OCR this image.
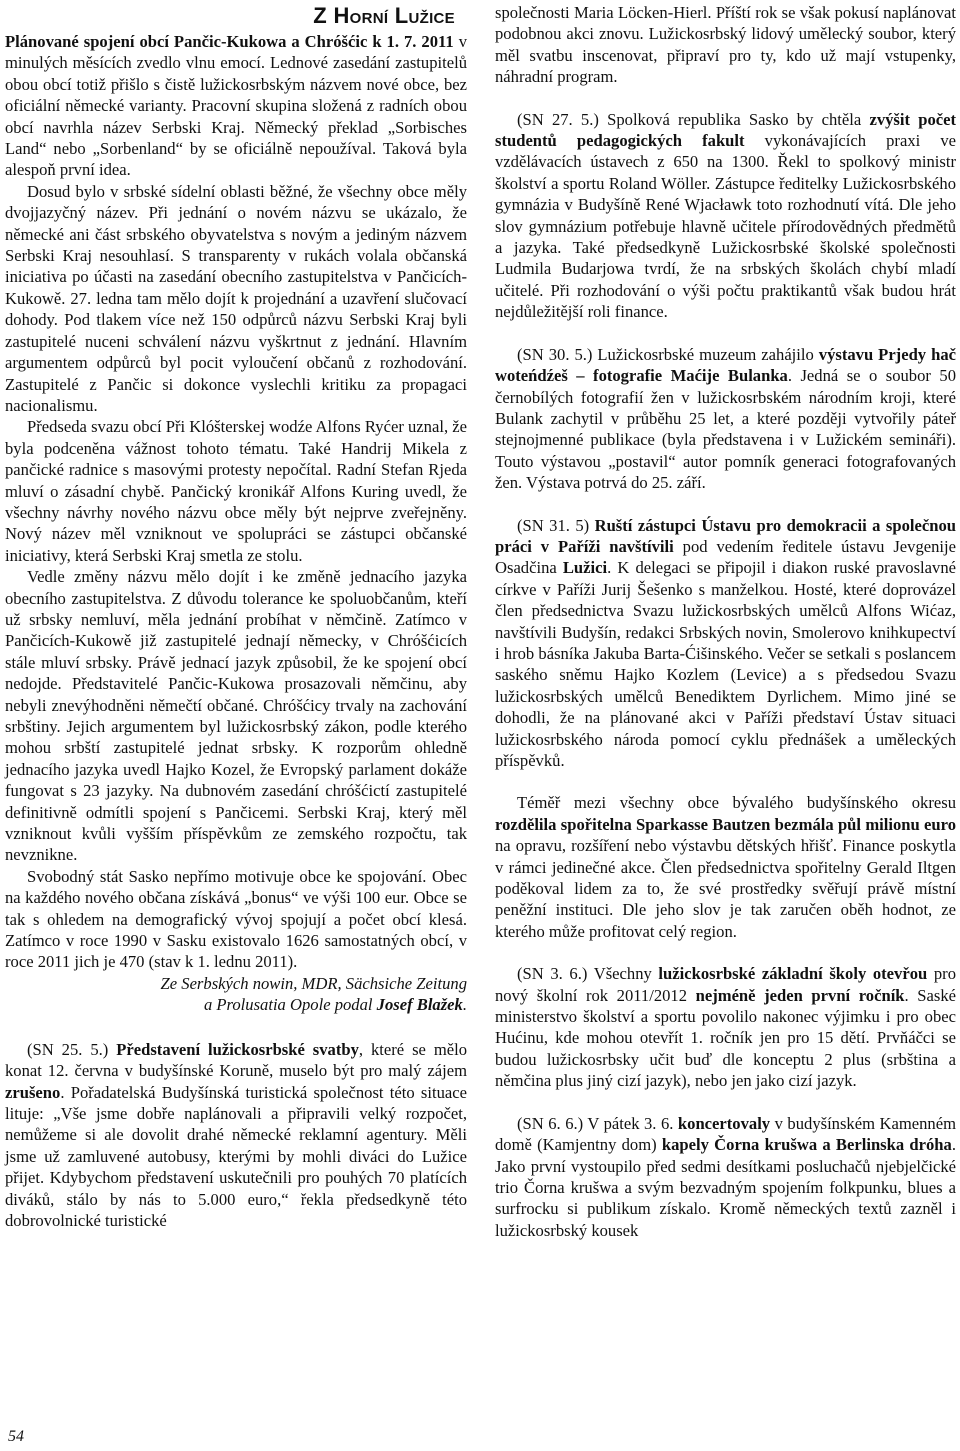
Z Horní Lužice

Plánované spojení obcí Pančic-Kukowa a Chróšćic k 1. 7. 2011 v minulých měsících zvedlo vlnu emocí. Lednové zasedání zastupitelů obou obcí totiž přišlo s čistě lužickosrbským názvem nové obce, bez oficiální německé varianty. Pracovní skupina složená z radních obou obcí navrhla název Serbski Kraj. Německý překlad „Sorbisches Land“ nebo „Sorbenland“ by se oficiálně nepoužíval. Taková byla alespoň první idea.

Dosud bylo v srbské sídelní oblasti běžné, že všechny obce měly dvojjazyčný název. Při jednání o novém názvu se ukázalo, že německé ani část srbského obyvatelstva s novým a jediným názvem Serbski Kraj nesouhlasí. S transparenty v rukách volala občanská iniciativa po účasti na zasedání obecního zastupitelstva v Pančicích-Kukowě. 27. ledna tam mělo dojít k projednání a uzavření slučovací dohody. Pod tlakem více než 150 odpůrců názvu Serbski Kraj byli zastupitelé nuceni schválení názvu vyškrtnut z jednání. Hlavním argumentem odpůrců byl pocit vyloučení občanů z rozhodování. Zastupitelé z Pančic si dokonce vyslechli kritiku za propagaci nacionalismu.

Předseda svazu obcí Při Klóšterskej wodźe Alfons Ryćer uznal, že byla podceněna vážnost tohoto tématu. Také Handrij Mikela z pančické radnice s masovými protesty nepočítal. Radní Stefan Rjeda mluví o zásadní chybě. Pančický kronikář Alfons Kuring uvedl, že všechny návrhy nového názvu obce měly být nejprve zveřejněny. Nový název měl vzniknout ve spolupráci se zástupci občanské iniciativy, která Serbski Kraj smetla ze stolu.

Vedle změny názvu mělo dojít i ke změně jednacího jazyka obecního zastupitelstva. Z důvodu tolerance ke spoluobčanům, kteří už srbsky nemluví, měla jednání probíhat v němčině. Zatímco v Pančicích-Kukowě již zastupitelé jednají německy, v Chróšćicích stále mluví srbsky. Právě jednací jazyk způsobil, že ke spojení obcí nedojde. Představitelé Pančic-Kukowa prosazovali němčinu, aby nebyli znevýhodněni němečtí občané. Chróšćicy trvaly na zachování srbštiny. Jejich argumentem byl lužickosrbský zákon, podle kterého mohou srbští zastupitelé jednat srbsky. K rozporům ohledně jednacího jazyka uvedl Hajko Kozel, že Evropský parlament dokáže fungovat s 23 jazyky. Na dubnovém zasedání chróšćictí zastupitelé definitivně odmítli spojení s Pančicemi. Serbski Kraj, který měl vzniknout kvůli vyšším příspěvkům ze zemského rozpočtu, tak nevznikne.

Svobodný stát Sasko nepřímo motivuje obce ke spojování. Obec na každého nového občana získává „bonus“ ve výši 100 eur. Obce se tak s ohledem na demografický vývoj spojují a počet obcí klesá. Zatímco v roce 1990 v Sasku existovalo 1626 samostatných obcí, v roce 2011 jich je 470 (stav k 1. lednu 2011).

Ze Serbských nowin, MDR, Sächsiche Zeitung
a Prolusatia Opole podal Josef Blažek.

(SN 25. 5.) Představení lužickosrbské svatby, které se mělo konat 12. června v budyšínské Koruně, muselo být pro malý zájem zrušeno. Pořadatelská Budyšínská turistická společnost této situace lituje: „Vše jsme dobře naplánovali a připravili velký rozpočet, nemůžeme si ale dovolit drahé německé reklamní agentury. Měli jsme už zamluvené autobusy, kterými by mohli diváci do Lužice přijet. Kdybychom představení uskutečnili pro pouhých 70 platících diváků, stálo by nás to 5.000 euro,“ řekla předsedkyně této dobrovolnické turistické

společnosti Maria Löcken-Hierl. Příští rok se však pokusí naplánovat podobnou akci znovu. Lužickosrbský lidový umělecký soubor, který měl svatbu inscenovat, připraví pro ty, kdo už mají vstupenky, náhradní program.

(SN 27. 5.) Spolková republika Sasko by chtěla zvýšit počet studentů pedagogických fakult vykonávajících praxi ve vzdělávacích ústavech z 650 na 1300. Řekl to spolkový ministr školství a sportu Roland Wöller. Zástupce ředitelky Lužickosrbského gymnázia v Budyšíně René Wjacławk toto rozhodnutí vítá. Dle jeho slov gymnázium potřebuje hlavně učitele přírodovědných předmětů a jazyka. Také předsedkyně Lužickosrbské školské společnosti Ludmila Budarjowa tvrdí, že na srbských školách chybí mladí učitelé. Při rozhodování o výši počtu praktikantů však budou hrát nejdůležitější roli finance.

(SN 30. 5.) Lužickosrbské muzeum zahájilo výstavu Prjedy hač woteńdźeš – fotografie Maćije Bulanka. Jedná se o soubor 50 černobílých fotografií žen v lužickosrbském národním kroji, které Bulank zachytil v průběhu 25 let, a které později vytvořily páteř stejnojmenné publikace (byla představena i v Lužickém semináři). Touto výstavou „postavil“ autor pomník generaci fotografovaných žen. Výstava potrvá do 25. září.

(SN 31. 5) Ruští zástupci Ústavu pro demokracii a společnou práci v Paříži navštívili pod vedením ředitele ústavu Jevgenije Osadčina Lužici. K delegaci se připojil i diakon ruské pravoslavné církve v Paříži Jurij Šešenko s manželkou. Hosté, které doprovázel člen předsednictva Svazu lužickosrbských umělců Alfons Wićaz, navštívili Budyšín, redakci Srbských novin, Smolerovo knihkupectví i hrob básníka Jakuba Barta-Ćišinského. Večer se setkali s poslancem saského sněmu Hajko Kozlem (Levice) a s předsedou Svazu lužickosrbských umělců Benediktem Dyrlichem. Mimo jiné se dohodli, že na plánované akci v Paříži představí Ústav situaci lužickosrbského národa pomocí cyklu přednášek a uměleckých příspěvků.

Téměř mezi všechny obce bývalého budyšínského okresu rozdělila spořitelna Sparkasse Bautzen bezmála půl milionu euro na opravu, rozšíření nebo výstavbu dětských hřišť. Finance poskytla v rámci jedinečné akce. Člen předsednictva spořitelny Gerald Iltgen poděkoval lidem za to, že své prostředky svěřují právě místní peněžní instituci. Dle jeho slov je tak zaručen oběh hodnot, ze kterého může profitovat celý region.

(SN 3. 6.) Všechny lužickosrbské základní školy otevřou pro nový školní rok 2011/2012 nejméně jeden první ročník. Saské ministerstvo školství a sportu povolilo nakonec výjimku i pro obec Hućinu, kde mohou otevřít 1. ročník jen pro 15 dětí. Prvňáčci se budou lužickosrbsky učit buď dle konceptu 2 plus (srbština a němčina plus jiný cizí jazyk), nebo jen jako cizí jazyk.

(SN 6. 6.) V pátek 3. 6. koncertovaly v budyšínském Kamenném domě (Kamjentny dom) kapely Čorna krušwa a Berlinska dróha. Jako první vystoupilo před sedmi desítkami posluchačů njebjelčické trio Čorna krušwa a svým bezvadným spojením folkpunku, blues a surfrocku si publikum získalo. Kromě německých textů zazněl i lužickosrbský kousek

54
